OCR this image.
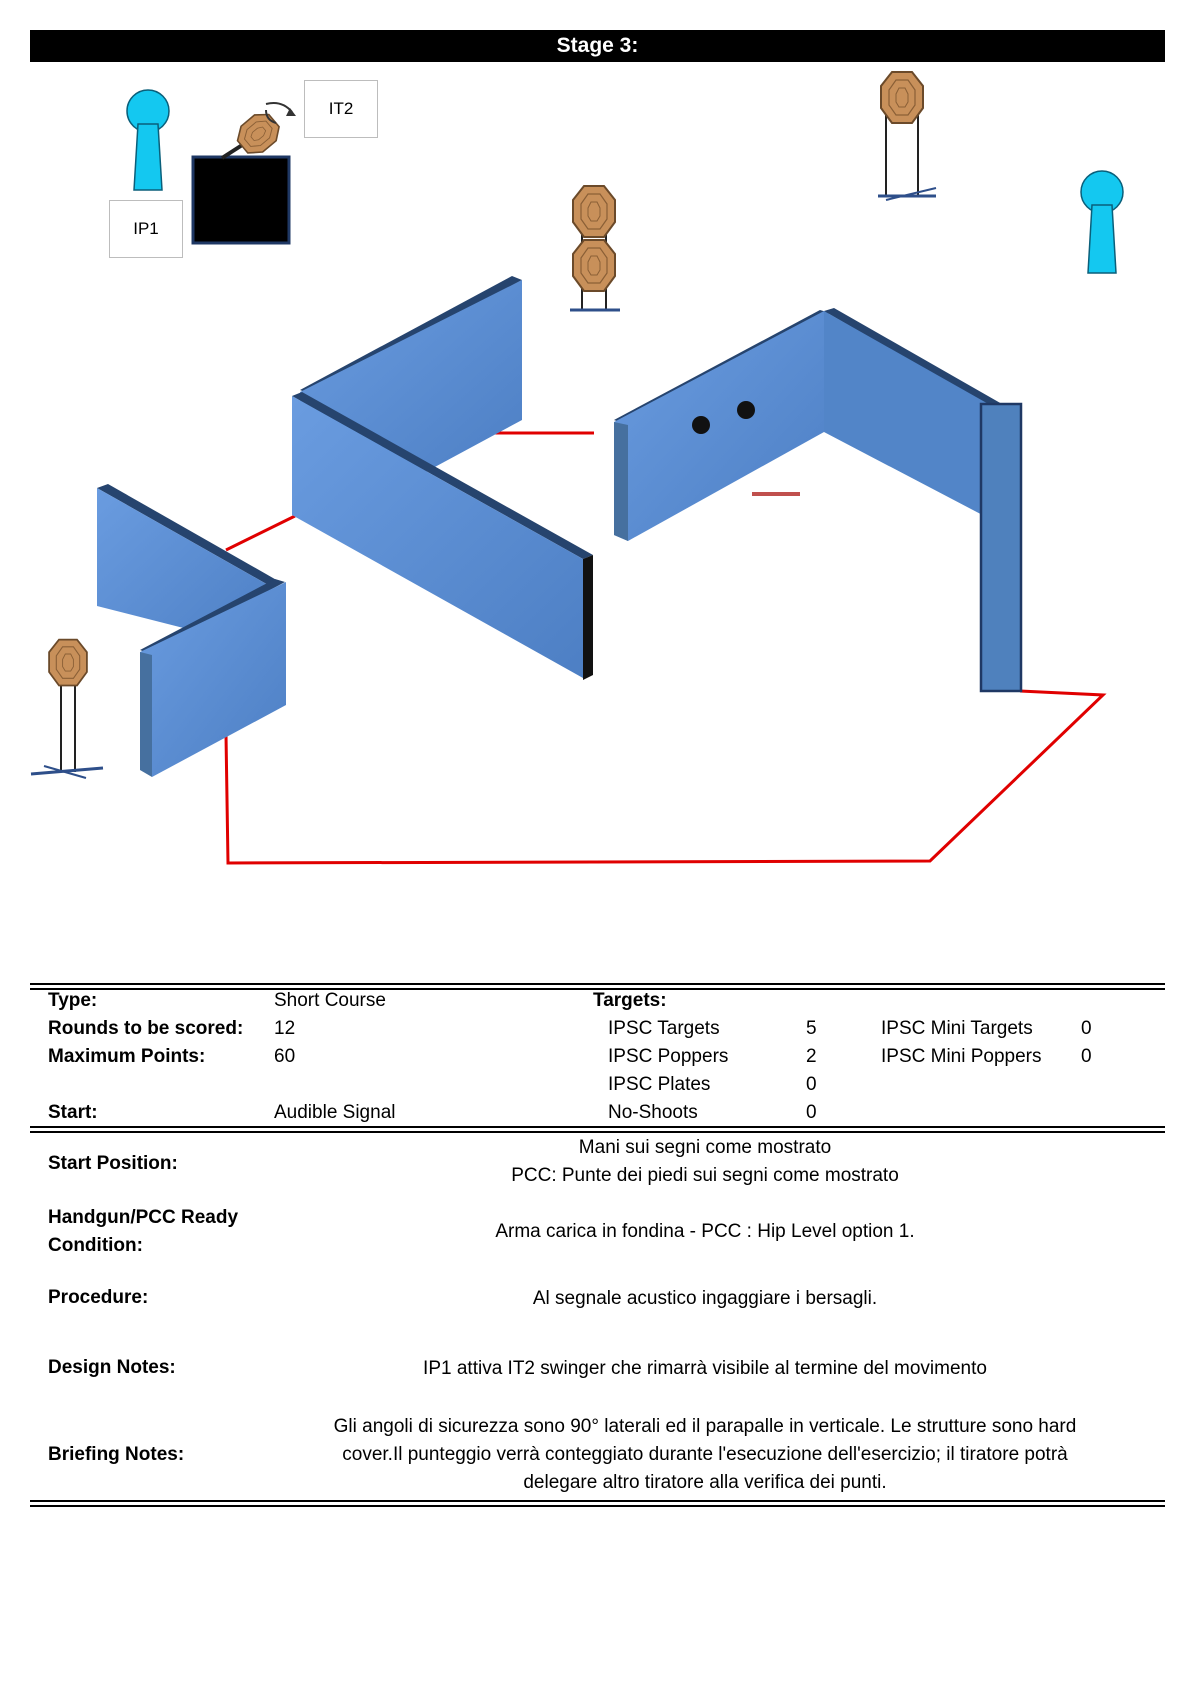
Stage 3:
IP1
IT2
Type:	Short Course	Targets:
Rounds to be scored: 12	IPSC Targets	5	IPSC Mini Targets	0
Maximum Points:	60	IPSC Poppers	2	IPSC Mini Poppers 0
IPSC Plates	0
Start:	Audible Signal	No-Shoots	0
Start Position:
Mani sui segni come mostrato
PCC: Punte dei piedi sui segni come mostrato
Handgun/PCC Ready
Condition:
Arma carica in fondina - PCC : Hip Level option 1.
Procedure:	Al segnale acustico ingaggiare i bersagli.
Design Notes:	IP1 attiva IT2 swinger che rimarrà visibile al termine del movimento
Briefing Notes:
Gli angoli di sicurezza sono 90° laterali ed il parapalle in verticale. Le strutture sono hard
cover.Il punteggio verrà conteggiato durante l'esecuzione dell'esercizio; il tiratore potrà
delegare altro tiratore alla verifica dei punti.
